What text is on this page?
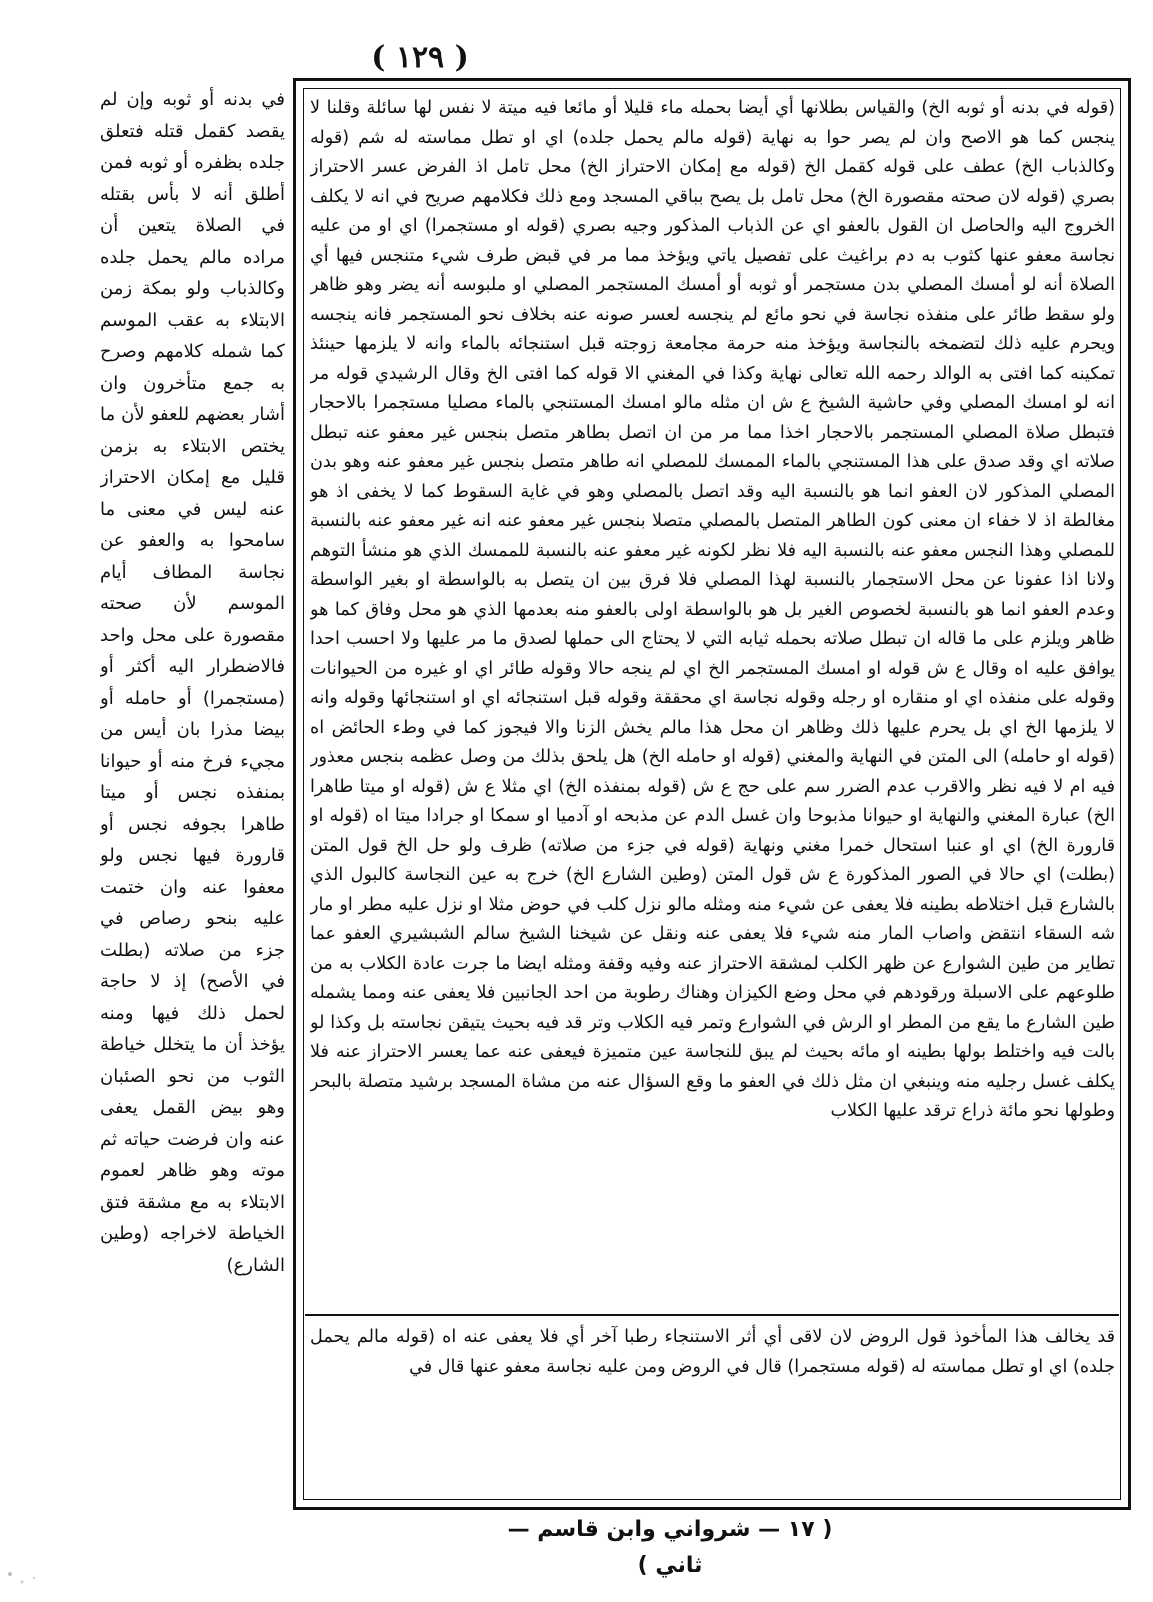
( ١٢٩ )
(قوله في بدنه أو ثوبه الخ) والقياس بطلانها أي أيضا بحمله ماء قليلا أو مائعا فيه ميتة لا نفس لها سائلة وقلنا لا ينجس كما هو الاصح وان لم يصر حوا به نهاية (قوله مالم يحمل جلده) اي او تطل مماسته له شم (قوله وكالذباب الخ) عطف على قوله كقمل الخ (قوله مع إمكان الاحتراز الخ) محل تامل اذ الفرض عسر الاحتراز بصري (قوله لان صحته مقصورة الخ) محل تامل بل يصح بباقي المسجد ومع ذلك فكلامهم صريح في انه لا يكلف الخروج اليه والحاصل ان القول بالعفو اي عن الذباب المذكور وجيه بصري (قوله او مستجمرا) اي او من عليه نجاسة معفو عنها كثوب به دم براغيث على تفصيل ياتي ويؤخذ مما مر في قبض طرف شيء متنجس فيها أي الصلاة أنه لو أمسك المصلي بدن مستجمر أو ثوبه أو أمسك المستجمر المصلي او ملبوسه أنه يضر وهو ظاهر ولو سقط طائر على منفذه نجاسة في نحو مائع لم ينجسه لعسر صونه عنه بخلاف نحو المستجمر فانه ينجسه ويحرم عليه ذلك لتضمخه بالنجاسة ويؤخذ منه حرمة مجامعة زوجته قبل استنجائه بالماء وانه لا يلزمها حينئذ تمكينه كما افتى به الوالد رحمه الله تعالى نهاية وكذا في المغني الا قوله كما افتى الخ وقال الرشيدي قوله مر انه لو امسك المصلي وفي حاشية الشيخ ع ش ان مثله مالو امسك المستنجي بالماء مصليا مستجمرا بالاحجار فتبطل صلاة المصلي المستجمر بالاحجار اخذا مما مر من ان اتصل بطاهر متصل بنجس غير معفو عنه تبطل صلاته اي وقد صدق على هذا المستنجي بالماء الممسك للمصلي انه طاهر متصل بنجس غير معفو عنه وهو بدن المصلي المذكور لان العفو انما هو بالنسبة اليه وقد اتصل بالمصلي وهو في غاية السقوط كما لا يخفى اذ هو مغالطة اذ لا خفاء ان معنى كون الطاهر المتصل بالمصلي متصلا بنجس غير معفو عنه انه غير معفو عنه بالنسبة للمصلي وهذا النجس معفو عنه بالنسبة اليه فلا نظر لكونه غير معفو عنه بالنسبة للممسك الذي هو منشأ التوهم ولانا اذا عفونا عن محل الاستجمار بالنسبة لهذا المصلي فلا فرق بين ان يتصل به بالواسطة او بغير الواسطة وعدم العفو انما هو بالنسبة لخصوص الغير بل هو بالواسطة اولى بالعفو منه بعدمها الذي هو محل وفاق كما هو ظاهر ويلزم على ما قاله ان تبطل صلاته بحمله ثيابه التي لا يحتاج الى حملها لصدق ما مر عليها ولا احسب احدا يوافق عليه اه وقال ع ش قوله او امسك المستجمر الخ اي لم ينجه حالا وقوله طائر اي او غيره من الحيوانات وقوله على منفذه اي او منقاره او رجله وقوله نجاسة اي محققة وقوله قبل استنجائه اي او استنجائها وقوله وانه لا يلزمها الخ اي بل يحرم عليها ذلك وظاهر ان محل هذا مالم يخش الزنا والا فيجوز كما في وطء الحائض اه (قوله او حامله) الى المتن في النهاية والمغني (قوله او حامله الخ) هل يلحق بذلك من وصل عظمه بنجس معذور فيه ام لا فيه نظر والاقرب عدم الضرر سم على حج ع ش (قوله بمنفذه الخ) اي مثلا ع ش (قوله او ميتا طاهرا الخ) عبارة المغني والنهاية او حيوانا مذبوحا وان غسل الدم عن مذبحه او آدميا او سمكا او جرادا ميتا اه (قوله او قارورة الخ) اي او عنبا استحال خمرا مغني ونهاية (قوله في جزء من صلاته) ظرف ولو حل الخ قول المتن (بطلت) اي حالا في الصور المذكورة ع ش قول المتن (وطين الشارع الخ) خرج به عين النجاسة كالبول الذي بالشارع قبل اختلاطه بطينه فلا يعفى عن شيء منه ومثله مالو نزل كلب في حوض مثلا او نزل عليه مطر او مار شه السقاء انتقض واصاب المار منه شيء فلا يعفى عنه ونقل عن شيخنا الشيخ سالم الشبشيري العفو عما تطاير من طين الشوارع عن ظهر الكلب لمشقة الاحتراز عنه وفيه وقفة ومثله ايضا ما جرت عادة الكلاب به من طلوعهم على الاسبلة ورقودهم في محل وضع الكيزان وهناك رطوبة من احد الجانبين فلا يعفى عنه ومما يشمله طين الشارع ما يقع من المطر او الرش في الشوارع وتمر فيه الكلاب وتر قد فيه بحيث يتيقن نجاسته بل وكذا لو بالت فيه واختلط بولها بطينه او مائه بحيث لم يبق للنجاسة عين متميزة فيعفى عنه عما يعسر الاحتراز عنه فلا يكلف غسل رجليه منه وينبغي ان مثل ذلك في العفو ما وقع السؤال عنه من مشاة المسجد برشيد متصلة بالبحر وطولها نحو مائة ذراع ترقد عليها الكلاب
قد يخالف هذا المأخوذ قول الروض لان لاقى أي أثر الاستنجاء رطبا آخر أي فلا يعفى عنه اه (قوله مالم يحمل جلده) اي او تطل مماسته له (قوله مستجمرا) قال في الروض ومن عليه نجاسة معفو عنها قال في
في بدنه أو ثوبه وإن لم يقصد كقمل قتله فتعلق جلده بظفره أو ثوبه فمن أطلق أنه لا بأس بقتله في الصلاة يتعين أن مراده مالم يحمل جلده وكالذباب ولو بمكة زمن الابتلاء به عقب الموسم كما شمله كلامهم وصرح به جمع متأخرون وان أشار بعضهم للعفو لأن ما يختص الابتلاء به بزمن قليل مع إمكان الاحتراز عنه ليس في معنى ما سامحوا به والعفو عن نجاسة المطاف أيام الموسم لأن صحته مقصورة على محل واحد فالاضطرار اليه أكثر أو (مستجمرا) أو حامله أو بيضا مذرا بان أيس من مجيء فرخ منه أو حيوانا بمنفذه نجس أو ميتا طاهرا بجوفه نجس أو قارورة فيها نجس ولو معفوا عنه وان ختمت عليه بنحو رصاص في جزء من صلاته (بطلت في الأصح) إذ لا حاجة لحمل ذلك فيها ومنه يؤخذ أن ما يتخلل خياطة الثوب من نحو الصئبان وهو بيض القمل يعفى عنه وان فرضت حياته ثم موته وهو ظاهر لعموم الابتلاء به مع مشقة فتق الخياطة لاخراجه (وطين الشارع)
( ١٧ — شرواني وابن قاسم — ثاني )
